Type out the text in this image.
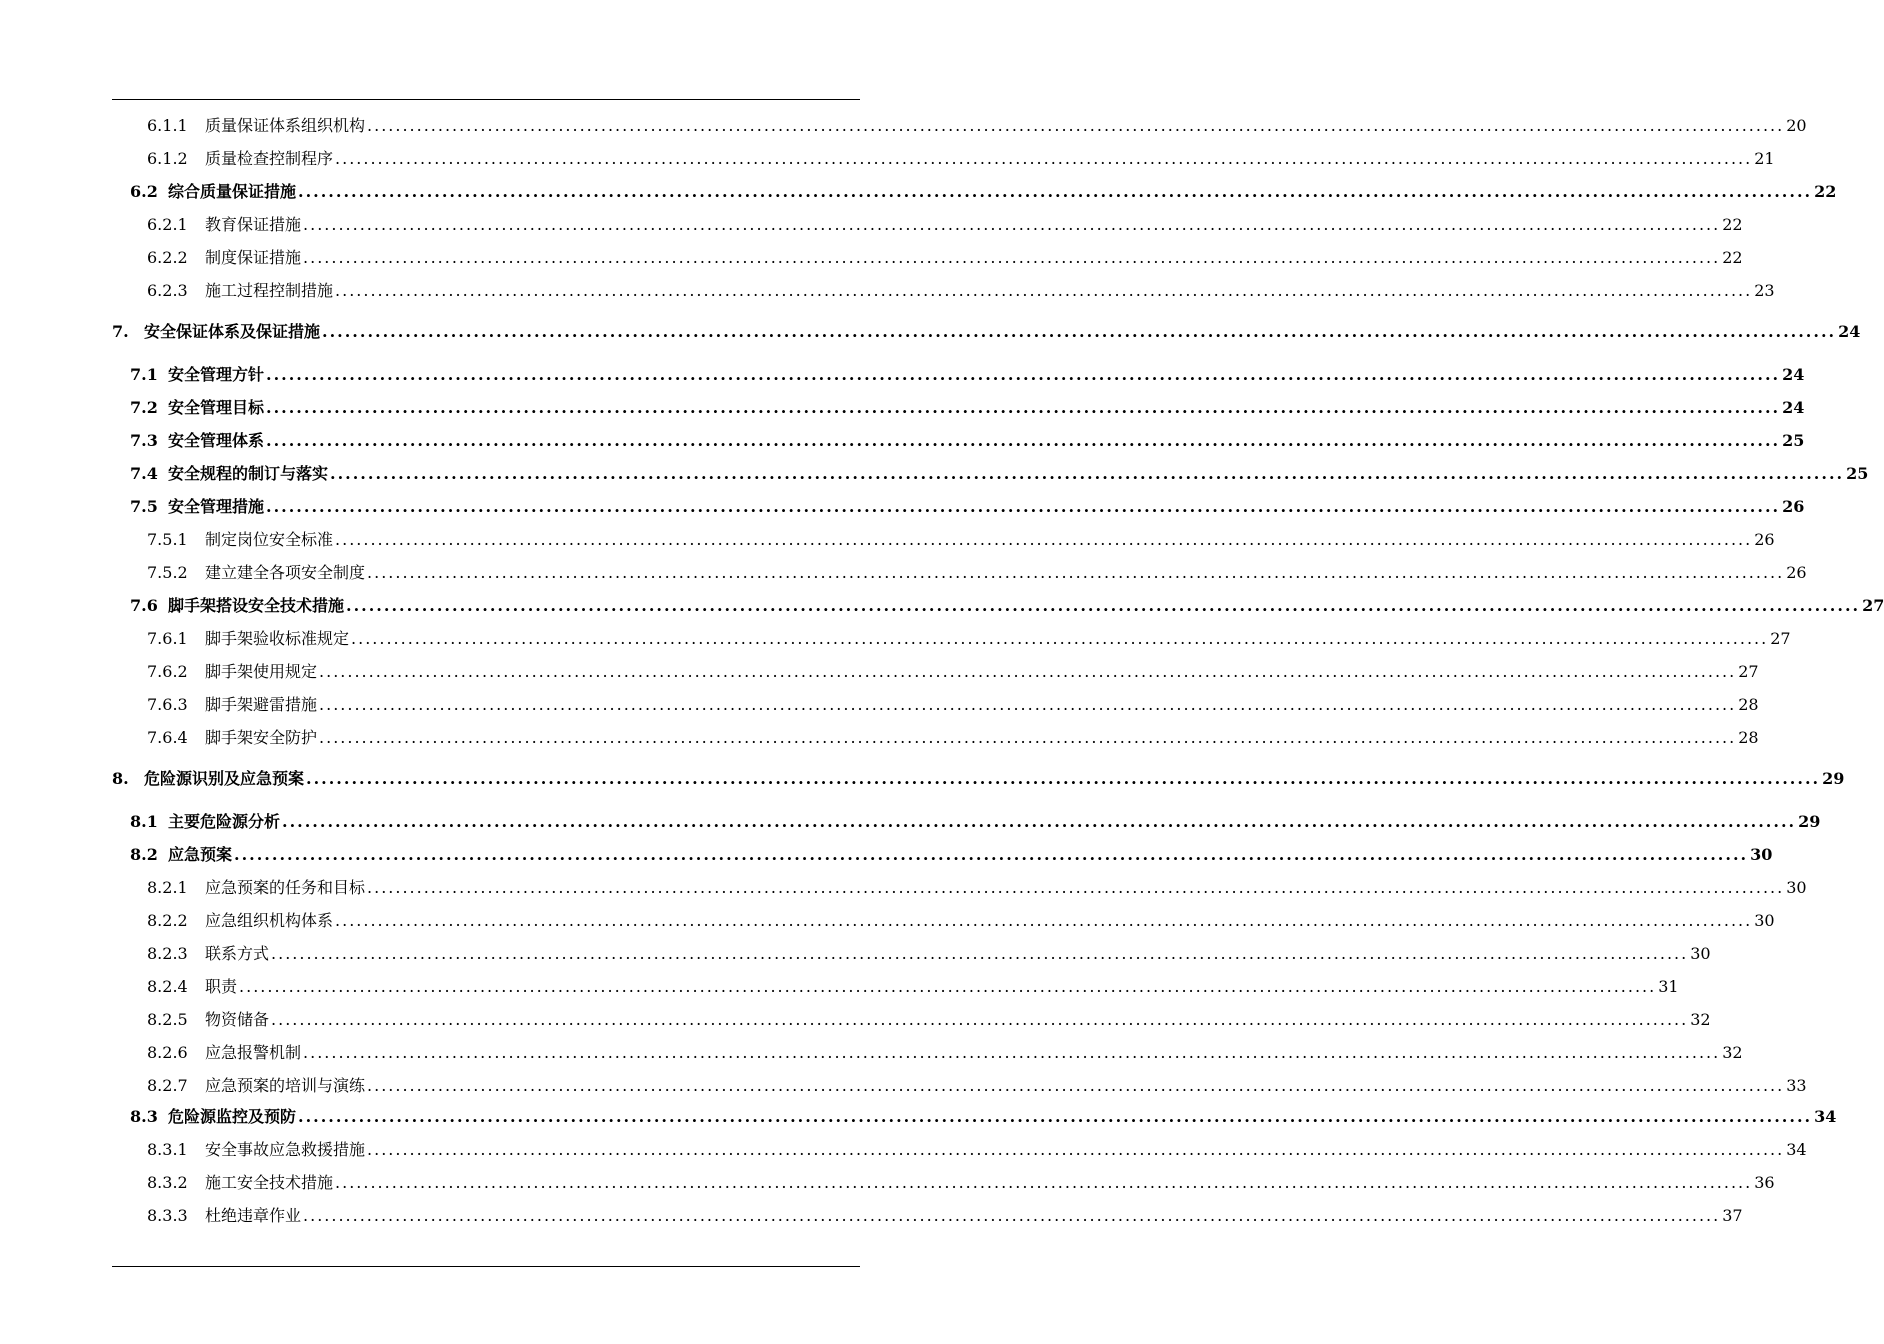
6.1.1	质量保证体系组织机构 ........................................................................................................................................................................................................ 20
6.1.2	质量检查控制程序 ........................................................................................................................................................................................................ 21
6.2 综合质量保证措施 ........................................................................................................................................................................................................ 22
6.2.1	教育保证措施 ........................................................................................................................................................................................................ 22
6.2.2	制度保证措施 ........................................................................................................................................................................................................ 22
6.2.3	施工过程控制措施 ........................................................................................................................................................................................................ 23
7. 安全保证体系及保证措施 ........................................................................................................................................................................................................ 24
7.1 安全管理方针 ........................................................................................................................................................................................................ 24
7.2 安全管理目标 ........................................................................................................................................................................................................ 24
7.3 安全管理体系 ........................................................................................................................................................................................................ 25
7.4 安全规程的制订与落实 ........................................................................................................................................................................................................ 25
7.5 安全管理措施 ........................................................................................................................................................................................................ 26
7.5.1	制定岗位安全标准 ........................................................................................................................................................................................................ 26
7.5.2	建立建全各项安全制度 ........................................................................................................................................................................................................ 26
7.6 脚手架搭设安全技术措施 ........................................................................................................................................................................................................ 27
7.6.1	脚手架验收标准规定 ........................................................................................................................................................................................................ 27
7.6.2	脚手架使用规定 ........................................................................................................................................................................................................ 27
7.6.3	脚手架避雷措施 ........................................................................................................................................................................................................ 28
7.6.4	脚手架安全防护 ........................................................................................................................................................................................................ 28
8. 危险源识别及应急预案 ........................................................................................................................................................................................................ 29
8.1 主要危险源分析 ........................................................................................................................................................................................................ 29
8.2 应急预案 ........................................................................................................................................................................................................ 30
8.2.1	应急预案的任务和目标 ........................................................................................................................................................................................................ 30
8.2.2	应急组织机构体系 ........................................................................................................................................................................................................ 30
8.2.3	联系方式 ........................................................................................................................................................................................................ 30
8.2.4	职责 ........................................................................................................................................................................................................ 31
8.2.5	物资储备 ........................................................................................................................................................................................................ 32
8.2.6	应急报警机制 ........................................................................................................................................................................................................ 32
8.2.7	应急预案的培训与演练 ........................................................................................................................................................................................................ 33
8.3 危险源监控及预防 ........................................................................................................................................................................................................ 34
8.3.1	安全事故应急救援措施 ........................................................................................................................................................................................................ 34
8.3.2	施工安全技术措施 ........................................................................................................................................................................................................ 36
8.3.3	杜绝违章作业 ........................................................................................................................................................................................................ 37
